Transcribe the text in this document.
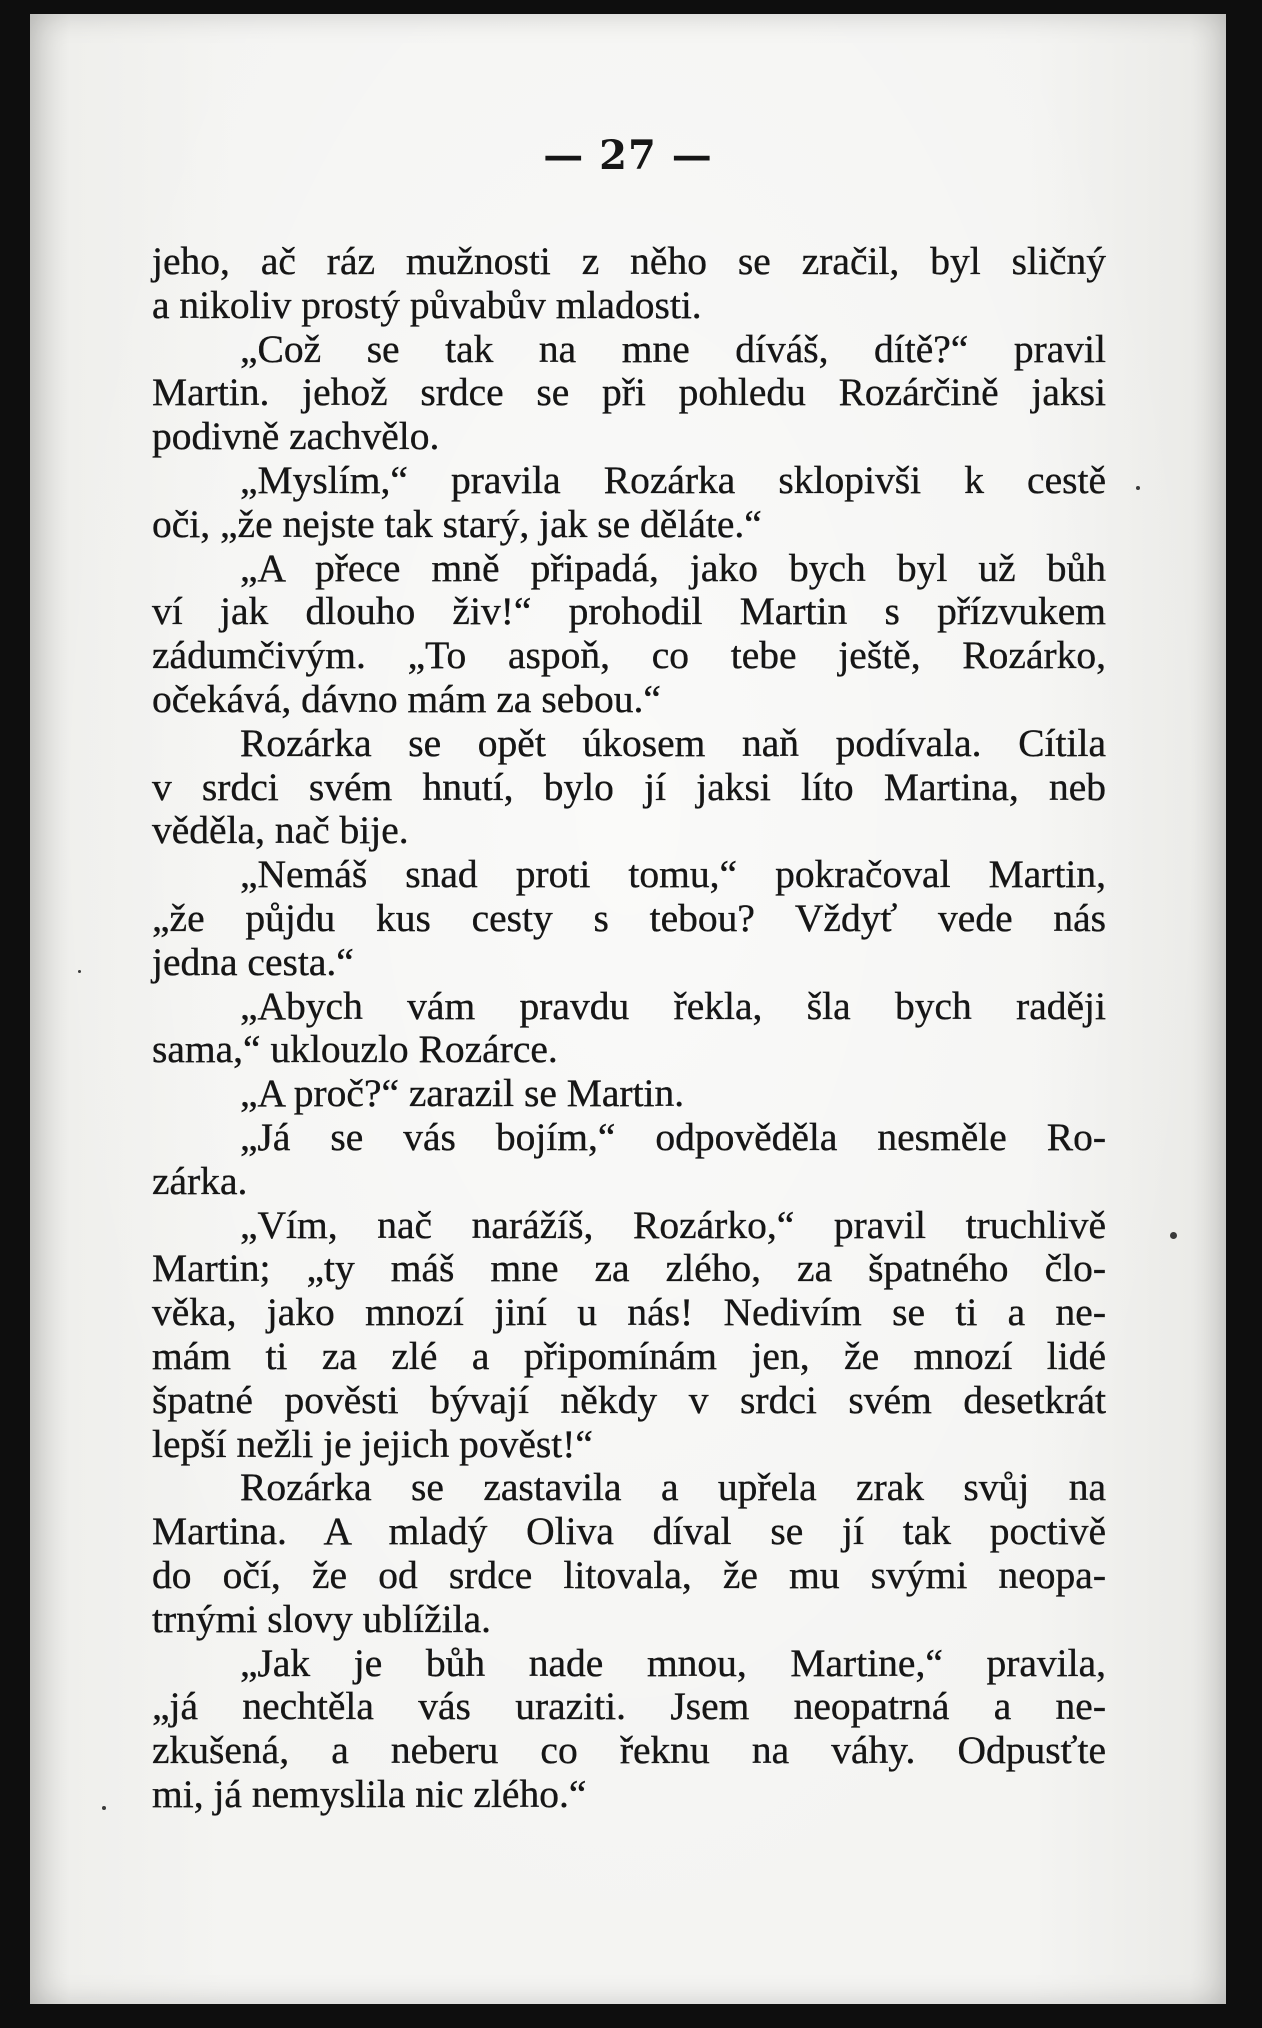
— 27 —
jeho, ač ráz mužnosti z něho se zračil, byl sličný
a nikoliv prostý půvabův mladosti.
„Což se tak na mne díváš, dítě?“ pravil
Martin. jehož srdce se při pohledu Rozárčině jaksi
podivně zachvělo.
„Myslím,“ pravila Rozárka sklopivši k cestě
oči, „že nejste tak starý, jak se děláte.“
„A přece mně připadá, jako bych byl už bůh
ví jak dlouho živ!“ prohodil Martin s přízvukem
zádumčivým. „To aspoň, co tebe ještě, Rozárko,
očekává, dávno mám za sebou.“
Rozárka se opět úkosem naň podívala. Cítila
v srdci svém hnutí, bylo jí jaksi líto Martina, neb
věděla, nač bije.
„Nemáš snad proti tomu,“ pokračoval Martin,
„že půjdu kus cesty s tebou? Vždyť vede nás
jedna cesta.“
„Abych vám pravdu řekla, šla bych raději
sama,“ uklouzlo Rozárce.
„A proč?“ zarazil se Martin.
„Já se vás bojím,“ odpověděla nesměle Ro-
zárka.
„Vím, nač narážíš, Rozárko,“ pravil truchlivě
Martin; „ty máš mne za zlého, za špatného člo-
věka, jako mnozí jiní u nás! Nedivím se ti a ne-
mám ti za zlé a připomínám jen, že mnozí lidé
špatné pověsti bývají někdy v srdci svém desetkrát
lepší nežli je jejich pověst!“
Rozárka se zastavila a upřela zrak svůj na
Martina. A mladý Oliva díval se jí tak poctivě
do očí, že od srdce litovala, že mu svými neopa-
trnými slovy ublížila.
„Jak je bůh nade mnou, Martine,“ pravila,
„já nechtěla vás uraziti. Jsem neopatrná a ne-
zkušená, a neberu co řeknu na váhy. Odpusťte
mi, já nemyslila nic zlého.“
